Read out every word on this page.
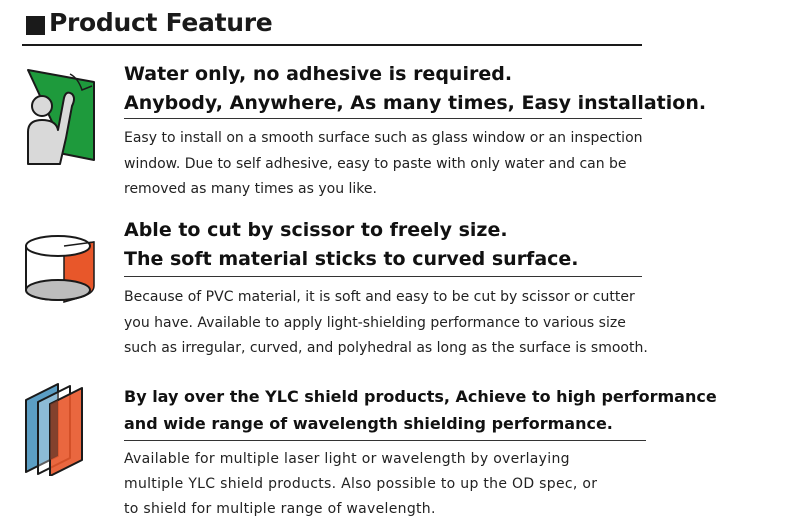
Product Feature
Water only, no adhesive is required.
Anybody, Anywhere, As many times, Easy installation.
Easy to install on a smooth surface such as glass window or an inspection
window. Due to self adhesive, easy to paste with only water and can be
removed as many times as you like.
Able to cut by scissor to freely size.
The soft material sticks to curved surface.
Because of PVC material, it is soft and easy to be cut by scissor or cutter
you have. Available to apply light-shielding performance to various size
such as irregular, curved, and polyhedral as long as the surface is smooth.
By lay over the YLC shield products, Achieve to high performance
and wide range of wavelength shielding performance.
Available for multiple laser light or wavelength by overlaying
multiple YLC shield products. Also possible to up the OD spec, or
to shield for multiple range of wavelength.
